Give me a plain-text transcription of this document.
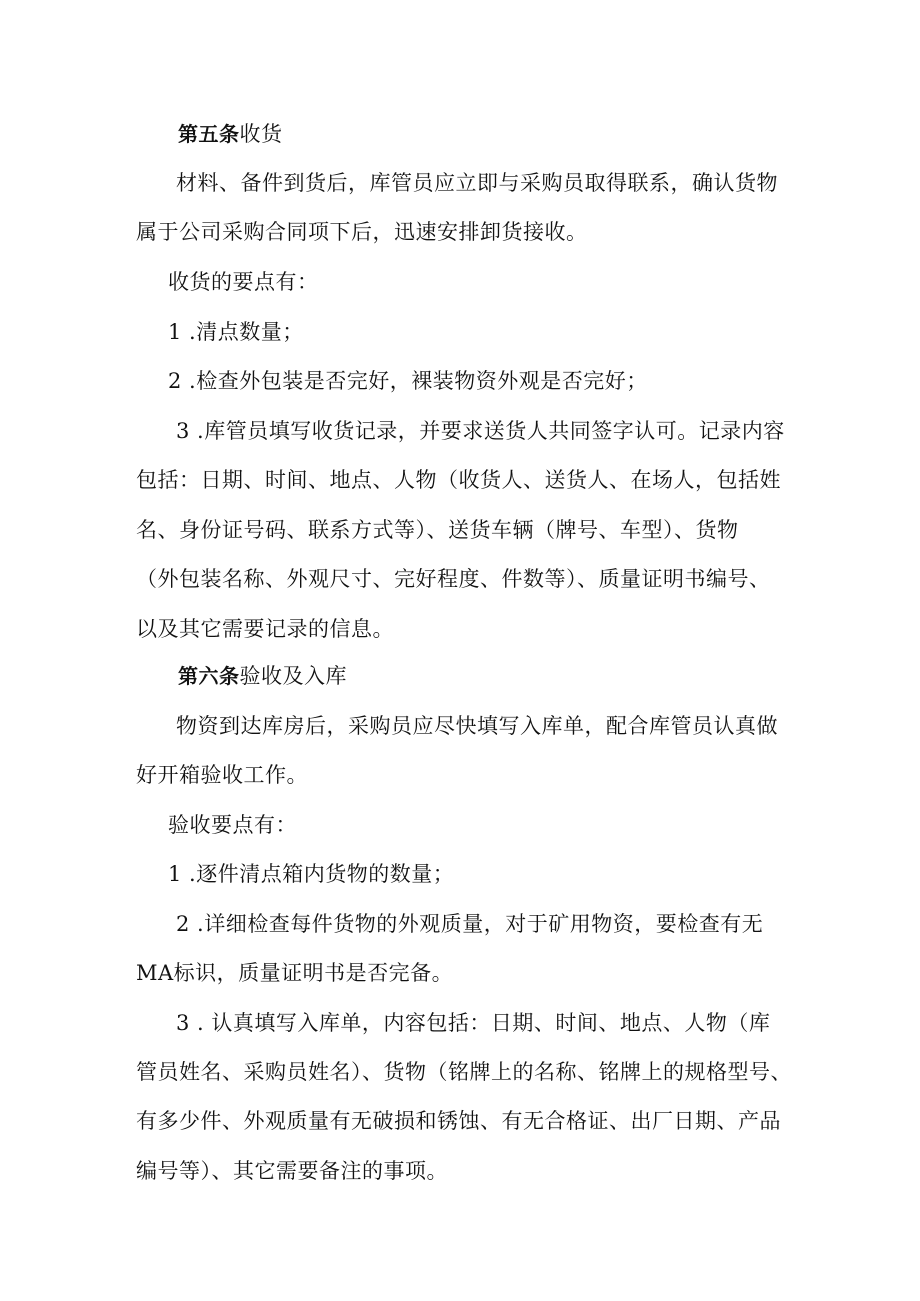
第五条收货
材料、备件到货后，库管员应立即与采购员取得联系，确认货物
属于公司采购合同项下后，迅速安排卸货接收。
收货的要点有：
1 .清点数量；
2 .检查外包装是否完好，裸装物资外观是否完好；
3 .库管员填写收货记录，并要求送货人共同签字认可。记录内容
包括：日期、时间、地点、人物（收货人、送货人、在场人，包括姓
名、身份证号码、联系方式等）、送货车辆（牌号、车型）、货物
（外包装名称、外观尺寸、完好程度、件数等）、质量证明书编号、
以及其它需要记录的信息。
第六条验收及入库
物资到达库房后，采购员应尽快填写入库单，配合库管员认真做
好开箱验收工作。
验收要点有：
1 .逐件清点箱内货物的数量；
2 .详细检查每件货物的外观质量，对于矿用物资，要检查有无
MA标识，质量证明书是否完备。
3 . 认真填写入库单，内容包括：日期、时间、地点、人物（库
管员姓名、采购员姓名）、货物（铭牌上的名称、铭牌上的规格型号、
有多少件、外观质量有无破损和锈蚀、有无合格证、出厂日期、产品
编号等）、其它需要备注的事项。
